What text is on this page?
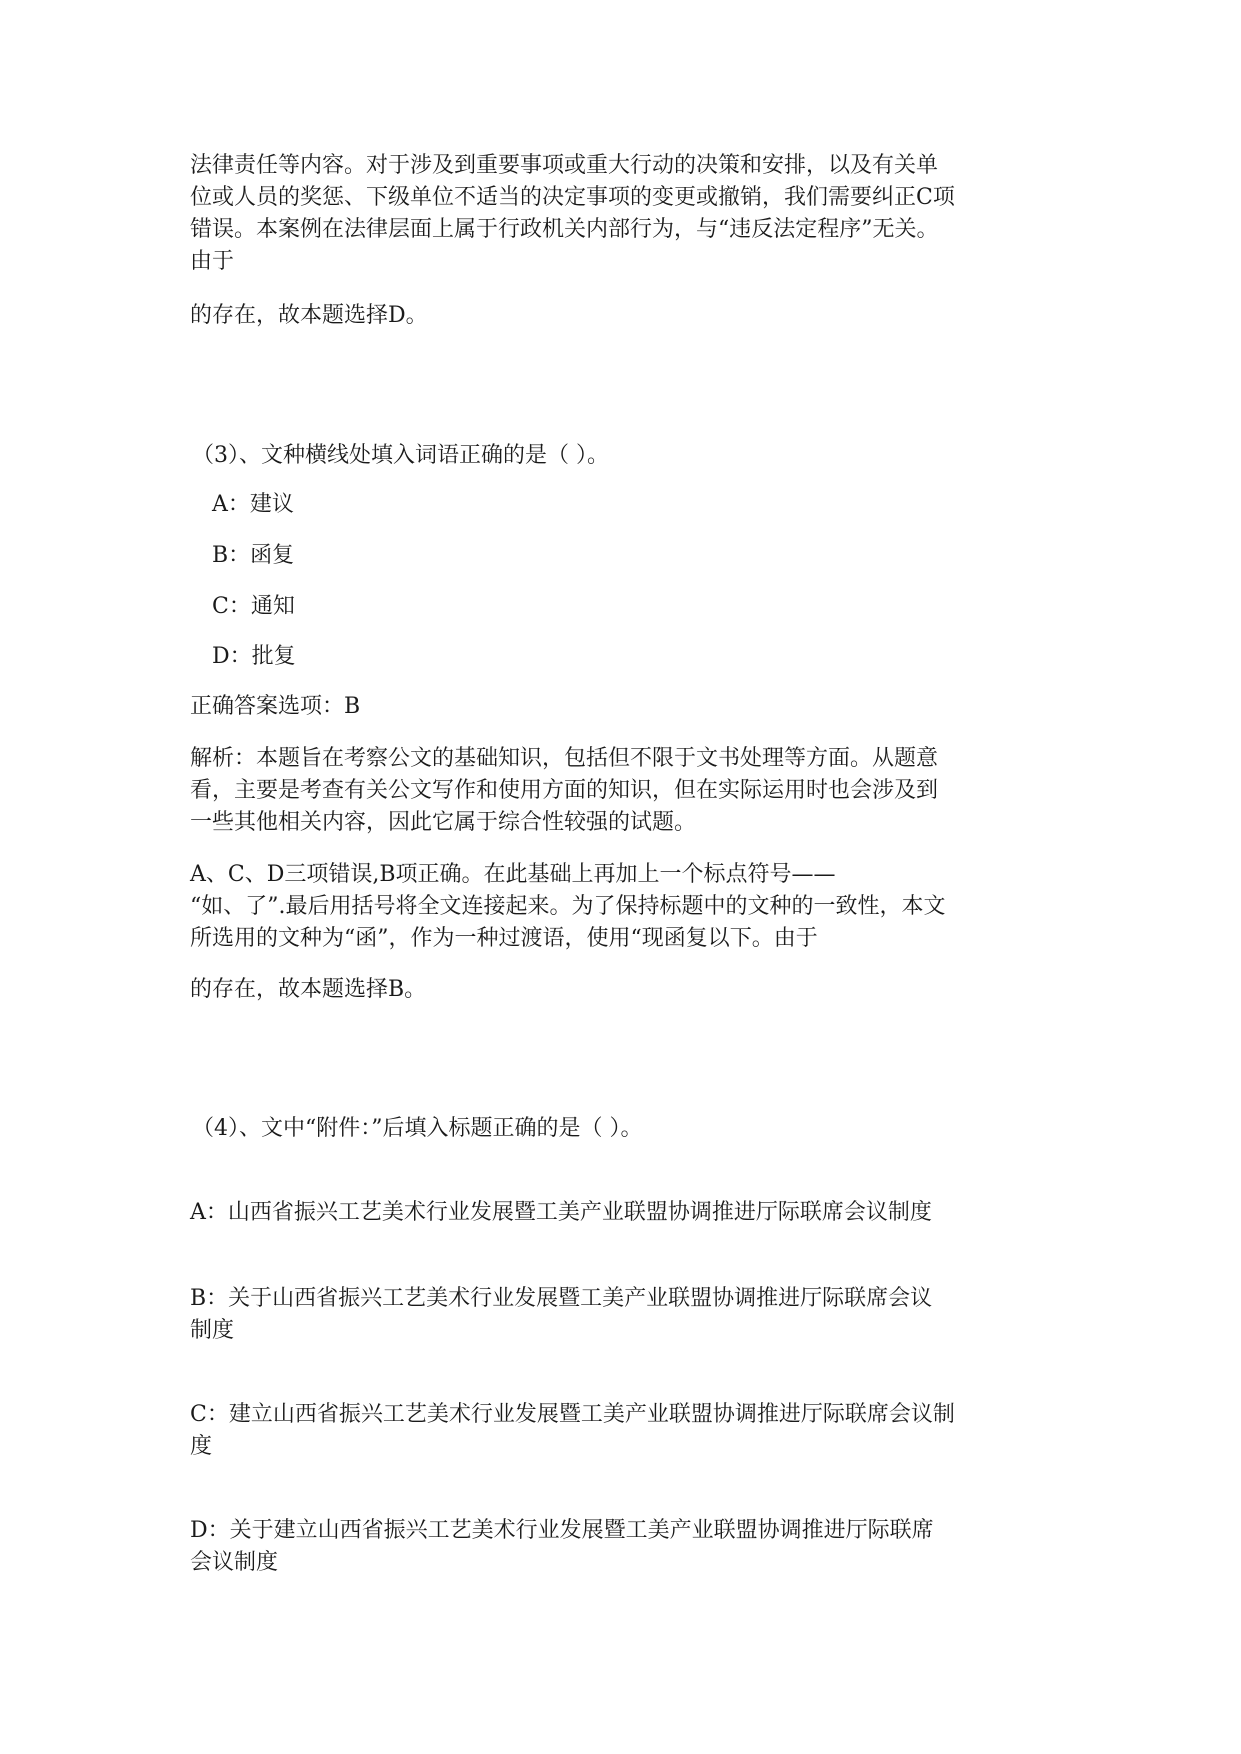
法律责任等内容。对于涉及到重要事项或重大行动的决策和安排，以及有关单
位或人员的奖惩、下级单位不适当的决定事项的变更或撤销，我们需要纠正C项
错误。本案例在法律层面上属于行政机关内部行为，与“违反法定程序”无关。
由于

的存在，故本题选择D。

（3）、文种横线处填入词语正确的是（ ）。

A：建议

B：函复

C：通知

D：批复

正确答案选项：B

解析：本题旨在考察公文的基础知识，包括但不限于文书处理等方面。从题意
看，主要是考查有关公文写作和使用方面的知识，但在实际运用时也会涉及到
一些其他相关内容，因此它属于综合性较强的试题。

A、C、D三项错误,B项正确。在此基础上再加上一个标点符号——
“如、了”.最后用括号将全文连接起来。为了保持标题中的文种的一致性，本文
所选用的文种为“函”，作为一种过渡语，使用“现函复以下。由于

的存在，故本题选择B。

（4）、文中“附件：”后填入标题正确的是（ ）。

A：山西省振兴工艺美术行业发展暨工美产业联盟协调推进厅际联席会议制度

B：关于山西省振兴工艺美术行业发展暨工美产业联盟协调推进厅际联席会议
制度

C：建立山西省振兴工艺美术行业发展暨工美产业联盟协调推进厅际联席会议制
度

D：关于建立山西省振兴工艺美术行业发展暨工美产业联盟协调推进厅际联席
会议制度
